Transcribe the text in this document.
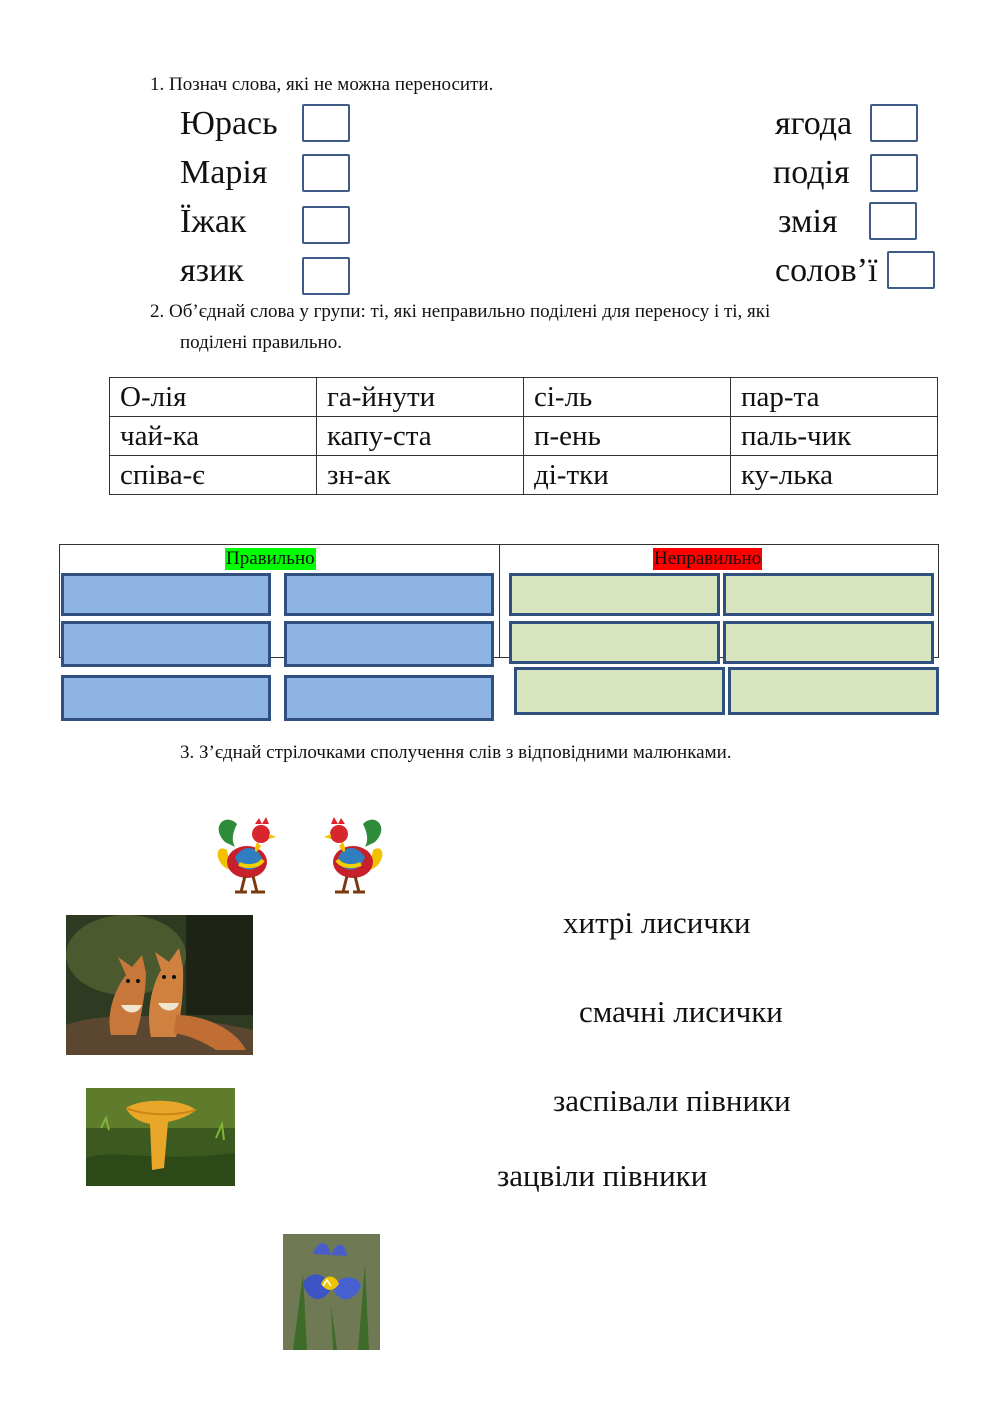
1. Познач слова, які не можна переносити.
Юрась
Марія
Їжак
язик
ягода
подія
змія
солов’ї
2. Об’єднай слова у групи: ті, які неправильно поділені для переносу і ті, які
поділені правильно.
О-лія	га-йнути	сі-ль	пар-та
чай-ка	капу-ста	п-ень	паль-чик
співа-є	зн-ак	ді-тки	ку-лька
Правильно	Неправильно
3. З’єднай стрілочками сполучення слів з відповідними малюнками.
хитрі лисички
смачні лисички
заспівали півники
зацвіли півники
